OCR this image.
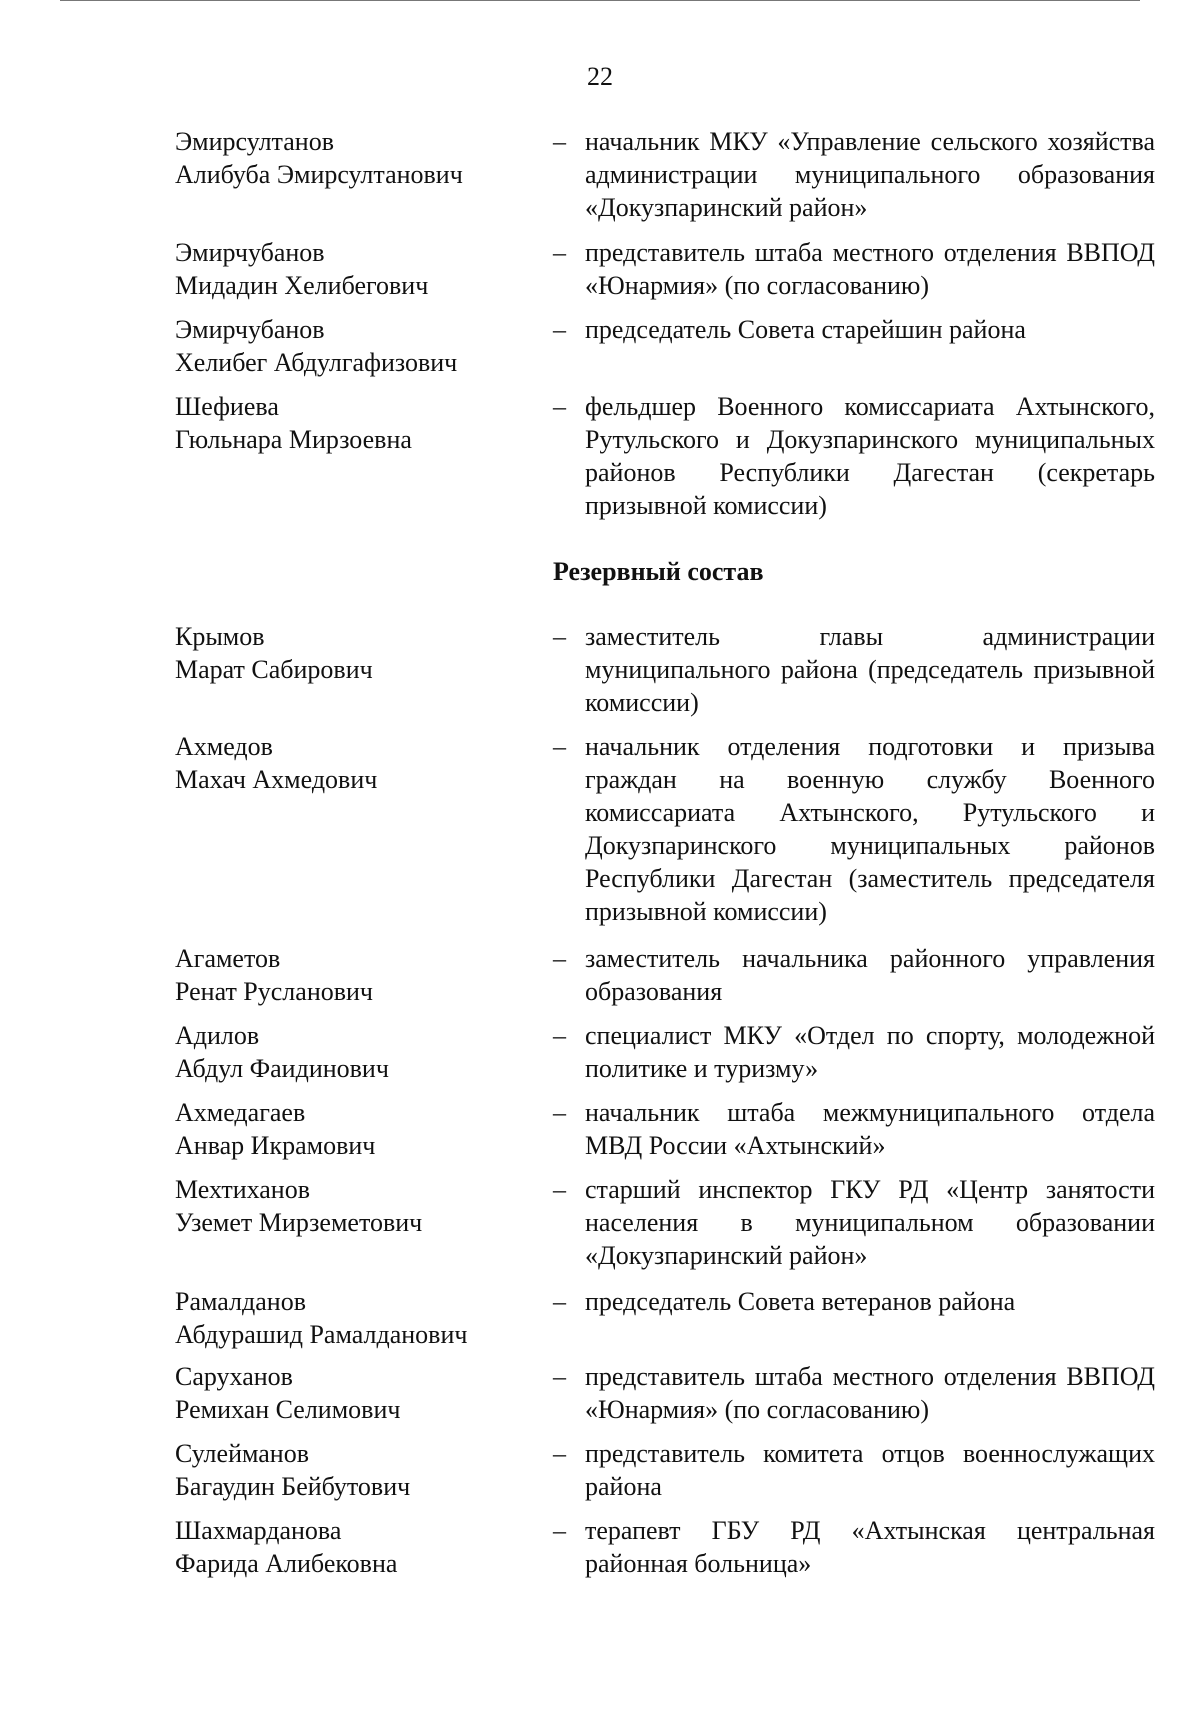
22
Эмирсултанов
Алибуба Эмирсултанович
– начальник МКУ «Управление сельского хозяйства администрации муниципального образования «Докузпаринский район»
Эмирчубанов
Мидадин Хелибегович
– представитель штаба местного отделения ВВПОД «Юнармия» (по согласованию)
Эмирчубанов
Хелибег Абдулгафизович
– председатель Совета старейшин района
Шефиева
Гюльнара Мирзоевна
– фельдшер Военного комиссариата Ахтынского, Рутульского и Докузпаринского муниципальных районов Республики Дагестан (секретарь призывной комиссии)
Резервный состав
Крымов
Марат Сабирович
– заместитель главы администрации муниципального района (председатель призывной комиссии)
Ахмедов
Махач Ахмедович
– начальник отделения подготовки и призыва граждан на военную службу Военного комиссариата Ахтынского, Рутульского и Докузпаринского муниципальных районов Республики Дагестан (заместитель председателя призывной комиссии)
Агаметов
Ренат Русланович
– заместитель начальника районного управления образования
Адилов
Абдул Фаидинович
– специалист МКУ «Отдел по спорту, молодежной политике и туризму»
Ахмедагаев
Анвар Икрамович
– начальник штаба межмуниципального отдела МВД России «Ахтынский»
Мехтиханов
Уземет Мирземетович
– старший инспектор ГКУ РД «Центр занятости населения в муниципальном образовании «Докузпаринский район»
Рамалданов
Абдурашид Рамалданович
– председатель Совета ветеранов района
Саруханов
Ремихан Селимович
– представитель штаба местного отделения ВВПОД «Юнармия» (по согласованию)
Сулейманов
Багаудин Бейбутович
– представитель комитета отцов военнослужащих района
Шахмарданова
Фарида Алибековна
– терапевт ГБУ РД «Ахтынская центральная районная больница»
